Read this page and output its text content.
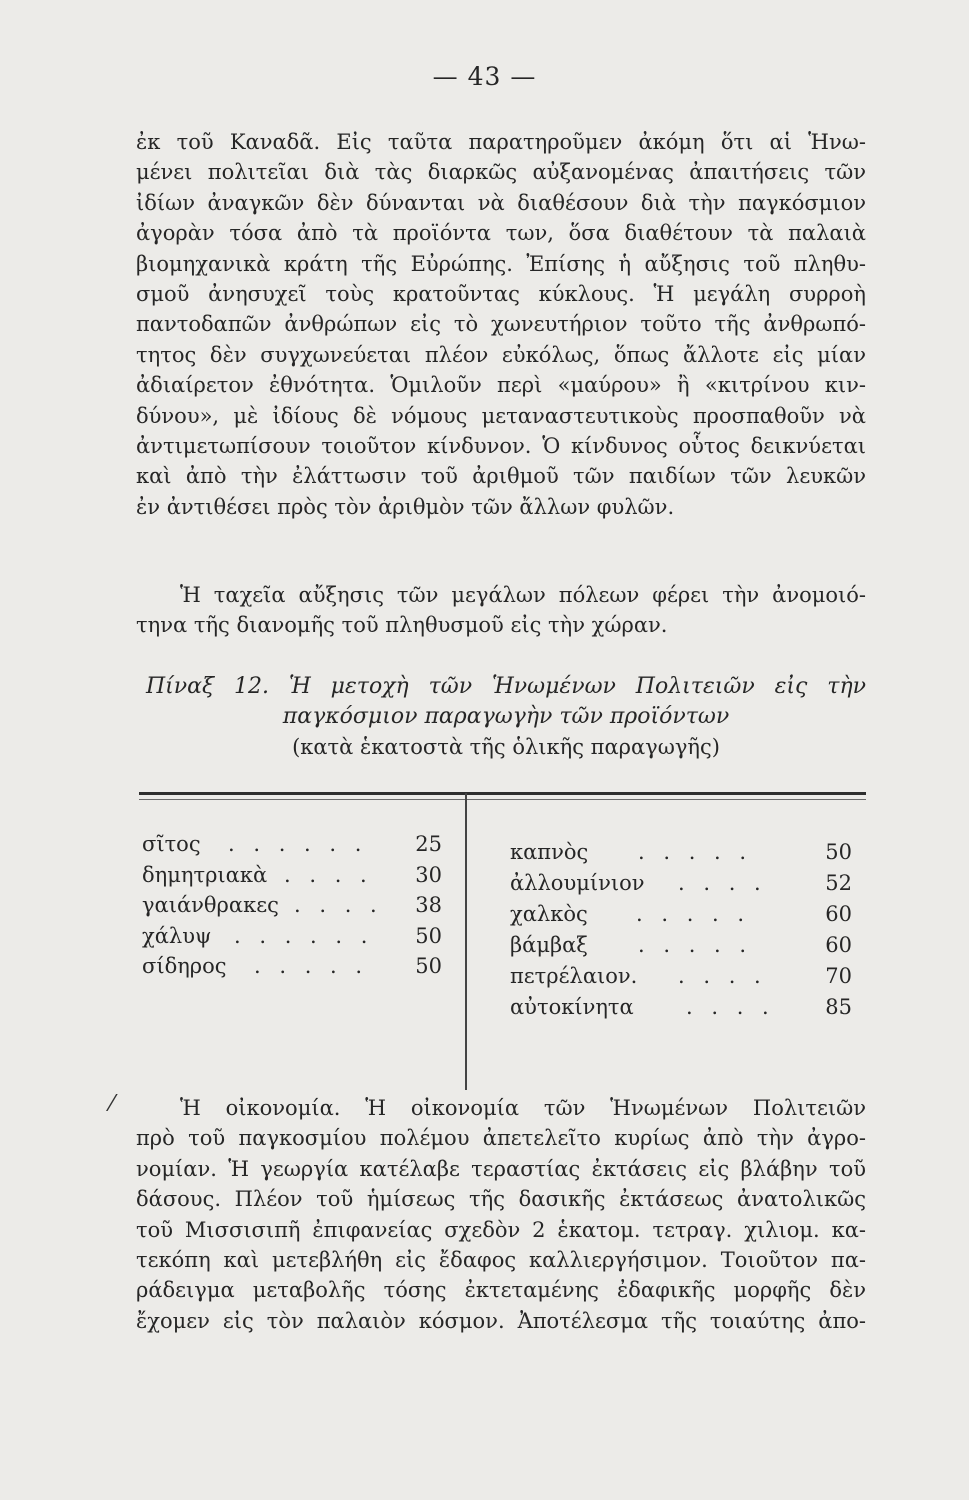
— 43 —
ἐκ τοῦ Καναδᾶ. Εἰς ταῦτα παρατηροῦμεν ἀκόμη ὅτι αἱ Ἡνω-
μένει πολιτεῖαι διὰ τὰς διαρκῶς αὐξανομένας ἀπαιτήσεις τῶν
ἰδίων ἀναγκῶν δὲν δύνανται νὰ διαθέσουν διὰ τὴν παγκόσμιον
ἀγορὰν τόσα ἀπὸ τὰ προϊόντα των, ὅσα διαθέτουν τὰ παλαιὰ
βιομηχανικὰ κράτη τῆς Εὐρώπης. Ἐπίσης ἡ αὔξησις τοῦ πληθυ-
σμοῦ ἀνησυχεῖ τοὺς κρατοῦντας κύκλους. Ἡ μεγάλη συρροὴ
παντοδαπῶν ἀνθρώπων εἰς τὸ χωνευτήριον τοῦτο τῆς ἀνθρωπό-
τητος δὲν συγχωνεύεται πλέον εὐκόλως, ὅπως ἄλλοτε εἰς μίαν
ἀδιαίρετον ἐθνότητα. Ὁμιλοῦν περὶ «μαύρου» ἢ «κιτρίνου κιν-
δύνου», μὲ ἰδίους δὲ νόμους μεταναστευτικοὺς προσπαθοῦν νὰ
ἀντιμετωπίσουν τοιοῦτον κίνδυνον. Ὁ κίνδυνος οὗτος δεικνύεται
καὶ ἀπὸ τὴν ἐλάττωσιν τοῦ ἀριθμοῦ τῶν παιδίων τῶν λευκῶν
ἐν ἀντιθέσει πρὸς τὸν ἀριθμὸν τῶν ἄλλων φυλῶν.
Ἡ ταχεῖα αὔξησις τῶν μεγάλων πόλεων φέρει τὴν ἀνομοιό-
τηνα τῆς διανομῆς τοῦ πληθυσμοῦ εἰς τὴν χώραν.
Πίναξ 12. Ἡ μετοχὴ τῶν Ἡνωμένων Πολιτειῶν εἰς τὴν
παγκόσμιον παραγωγὴν τῶν προϊόντων
(κατὰ ἑκατοστὰ τῆς ὁλικῆς παραγωγῆς)
σῖτος . . . . . . 25
δημητριακὰ . . . . 30
γαιάνθρακες . . . . 38
χάλυψ . . . . . . 50
σίδηρος . . . . . 50
καπνὸς . . . . .	50
ἀλλουμίνιον . . . .	52
χαλκὸς . . . . .	60
βάμβαξ . . . . .	60
πετρέλαιον. . . . .	70
αὐτοκίνητα . . . . 85
⁄	Ἡ οἰκονομία. Ἡ οἰκονομία τῶν Ἡνωμένων Πολιτειῶν
πρὸ τοῦ παγκοσμίου πολέμου ἀπετελεῖτο κυρίως ἀπὸ τὴν ἀγρο-
νομίαν. Ἡ γεωργία κατέλαβε τεραστίας ἐκτάσεις εἰς βλάβην τοῦ
δάσους. Πλέον τοῦ ἡμίσεως τῆς δασικῆς ἐκτάσεως ἀνατολικῶς
τοῦ Μισσισιπῆ ἐπιφανείας σχεδὸν 2 ἑκατομ. τετραγ. χιλιομ. κα-
τεκόπη καὶ μετεβλήθη εἰς ἔδαφος καλλιεργήσιμον. Τοιοῦτον πα-
ράδειγμα μεταβολῆς τόσης ἐκτεταμένης ἐδαφικῆς μορφῆς δὲν
ἔχομεν εἰς τὸν παλαιὸν κόσμον. Ἀποτέλεσμα τῆς τοιαύτης ἀπο-
